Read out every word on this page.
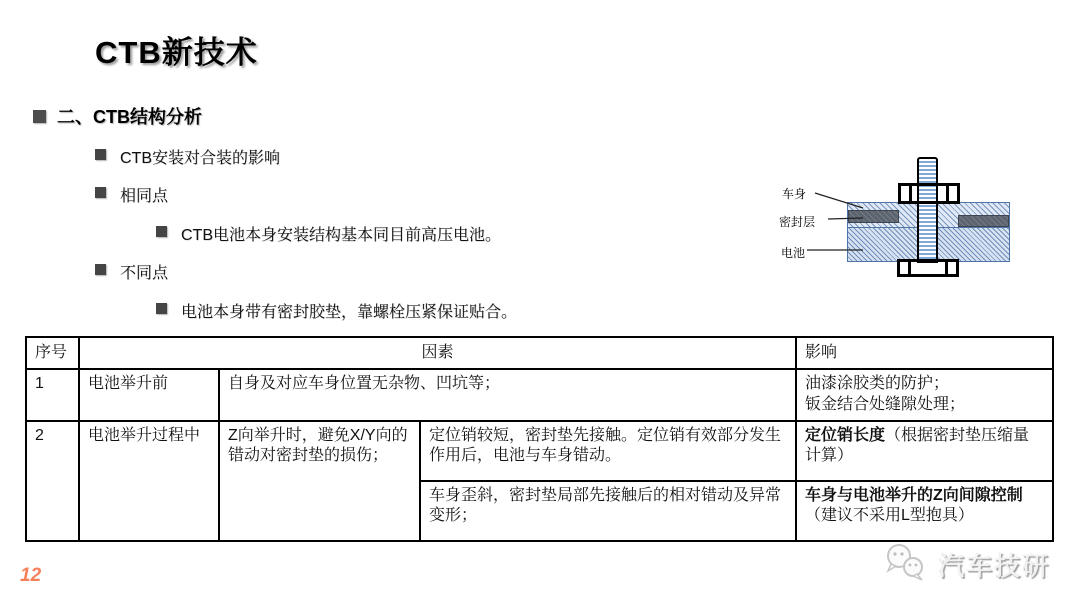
CTB新技术
二、CTB结构分析
CTB安装对合装的影响
相同点
CTB电池本身安装结构基本同目前高压电池。
不同点
电池本身带有密封胶垫，靠螺栓压紧保证贴合。
车身
密封层
电池
序号	因素			影响
1	电池举升前	自身及对应车身位置无杂物、凹坑等；		油漆涂胶类的防护；
钣金结合处缝隙处理；

2	电池举升过程中	Z向举升时，避免X/Y向的错动对密封垫的损伤；	定位销较短，密封垫先接触。定位销有效部分发生作用后，电池与车身错动。	定位销长度（根据密封垫压缩量计算）
			车身歪斜，密封垫局部先接触后的相对错动及异常变形；	车身与电池举升的Z向间隙控制
（建议不采用L型抱具）
12	汽车技研
